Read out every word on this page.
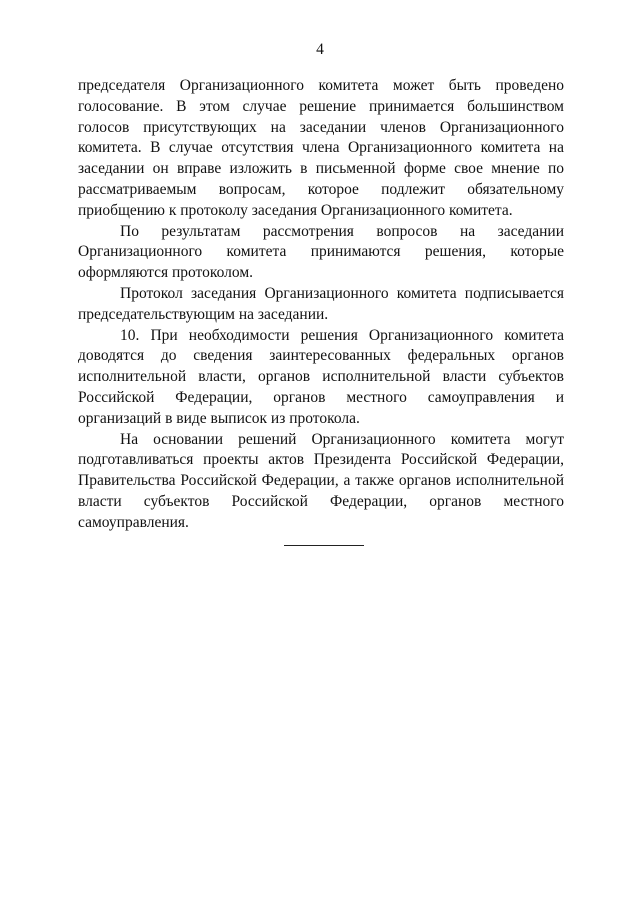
4

председателя Организационного комитета может быть проведено голосование. В этом случае решение принимается большинством голосов присутствующих на заседании членов Организационного комитета. В случае отсутствия члена Организационного комитета на заседании он вправе изложить в письменной форме свое мнение по рассматриваемым вопросам, которое подлежит обязательному приобщению к протоколу заседания Организационного комитета.

По результатам рассмотрения вопросов на заседании Организационного комитета принимаются решения, которые оформляются протоколом.

Протокол заседания Организационного комитета подписывается председательствующим на заседании.

10. При необходимости решения Организационного комитета доводятся до сведения заинтересованных федеральных органов исполнительной власти, органов исполнительной власти субъектов Российской Федерации, органов местного самоуправления и организаций в виде выписок из протокола.

На основании решений Организационного комитета могут подготавливаться проекты актов Президента Российской Федерации, Правительства Российской Федерации, а также органов исполнительной власти субъектов Российской Федерации, органов местного самоуправления.
